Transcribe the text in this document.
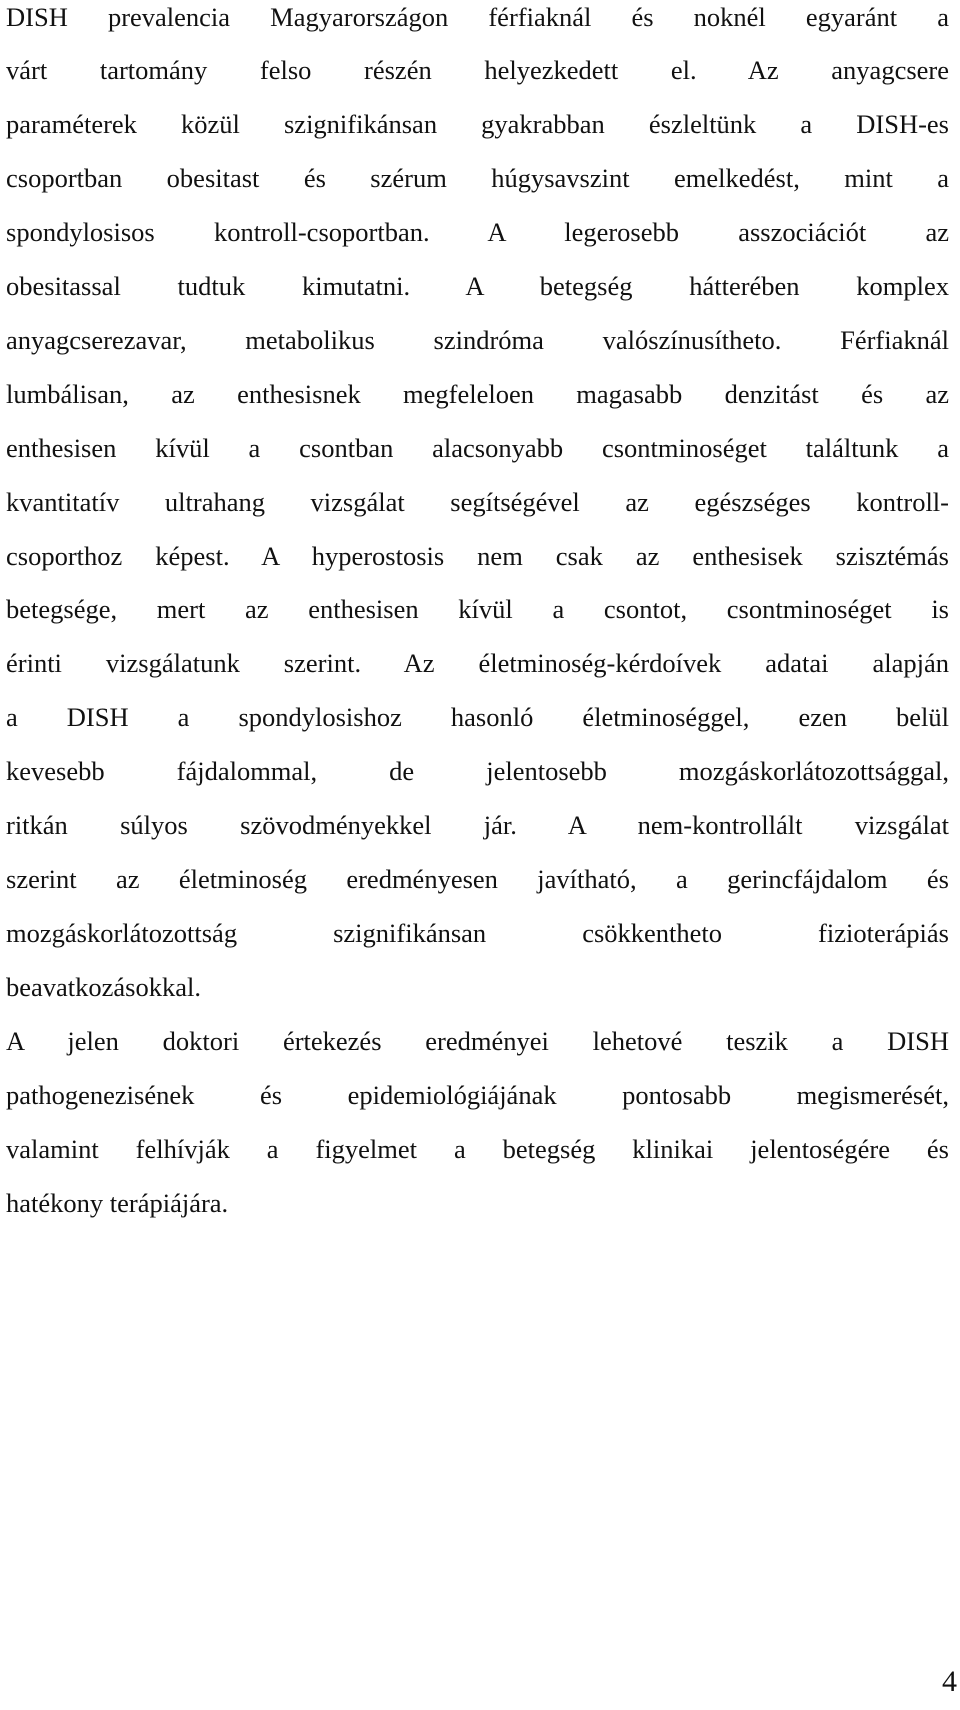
DISH prevalencia Magyarországon férfiaknál és noknél egyaránt a
várt tartomány felso részén helyezkedett el. Az anyagcsere
paraméterek közül szignifikánsan gyakrabban észleltünk a DISH-es
csoportban obesitast és szérum húgysavszint emelkedést, mint a
spondylosisos kontroll-csoportban. A legerosebb asszociációt az
obesitassal tudtuk kimutatni. A betegség hátterében komplex
anyagcserezavar, metabolikus szindróma valószínusítheto. Férfiaknál
lumbálisan, az enthesisnek megfeleloen magasabb denzitást és az
enthesisen kívül a csontban alacsonyabb csontminoséget találtunk a
kvantitatív ultrahang vizsgálat segítségével az egészséges kontroll-
csoporthoz képest. A hyperostosis nem csak az enthesisek szisztémás
betegsége, mert az enthesisen kívül a csontot, csontminoséget is
érinti vizsgálatunk szerint. Az életminoség-kérdoívek adatai alapján
a DISH a spondylosishoz hasonló életminoséggel, ezen belül
kevesebb fájdalommal, de jelentosebb mozgáskorlátozottsággal,
ritkán súlyos szövodményekkel jár. A nem-kontrollált vizsgálat
szerint az életminoség eredményesen javítható, a gerincfájdalom és
mozgáskorlátozottság szignifikánsan csökkentheto fizioterápiás
beavatkozásokkal.
A jelen doktori értekezés eredményei lehetové teszik a DISH
pathogenezisének és epidemiológiájának pontosabb megismerését,
valamint felhívják a figyelmet a betegség klinikai jelentoségére és
hatékony terápiájára.
4
